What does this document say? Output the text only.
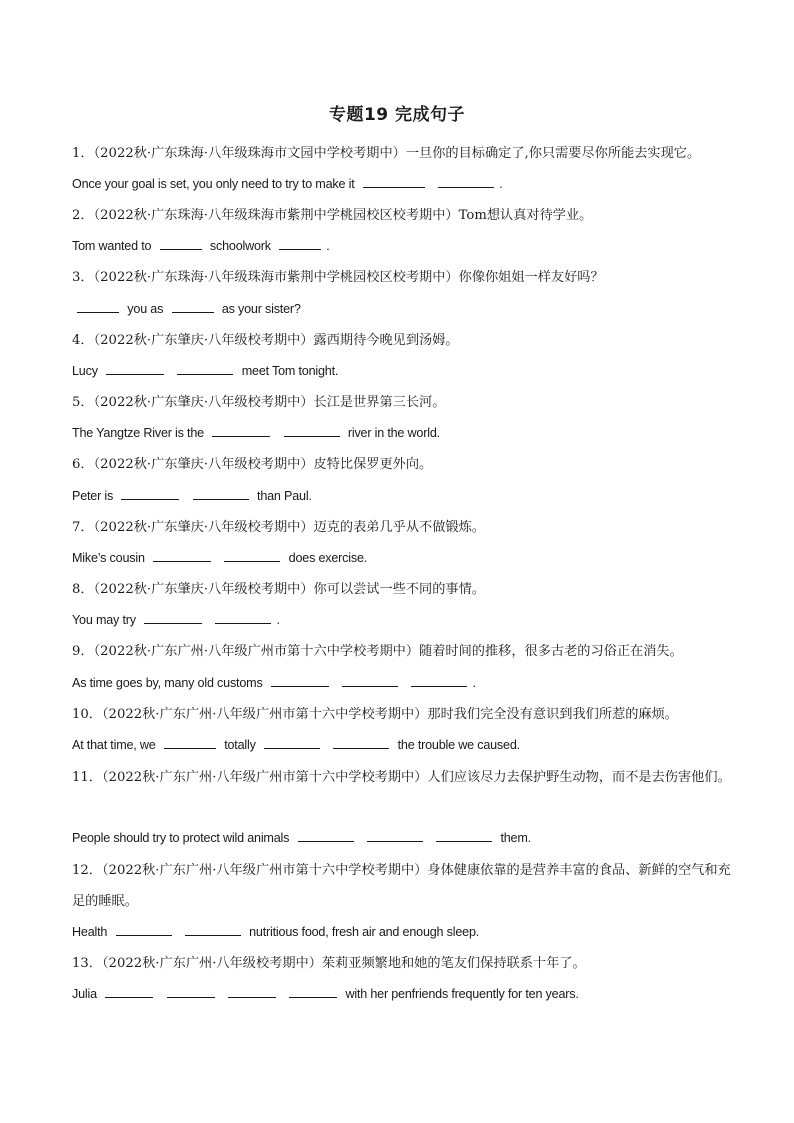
专题19 完成句子
1．（2022秋·广东珠海·八年级珠海市文园中学校考期中）一旦你的目标确定了,你只需要尽你所能去实现它。
Once your goal is set, you only need to try to make it	.
2．（2022秋·广东珠海·八年级珠海市紫荆中学桃园校区校考期中）Tom想认真对待学业。
Tom wanted to	schoolwork	.
3．（2022秋·广东珠海·八年级珠海市紫荆中学桃园校区校考期中）你像你姐姐一样友好吗？
you as	as your sister?
4．（2022秋·广东肇庆·八年级校考期中）露西期待今晚见到汤姆。
Lucy	meet Tom tonight.
5．（2022秋·广东肇庆·八年级校考期中）长江是世界第三长河。
The Yangtze River is the	river in the world.
6．（2022秋·广东肇庆·八年级校考期中）皮特比保罗更外向。
Peter is	than Paul.
7．（2022秋·广东肇庆·八年级校考期中）迈克的表弟几乎从不做锻炼。
Mike’s cousin	does exercise.
8．（2022秋·广东肇庆·八年级校考期中）你可以尝试一些不同的事情。
You may try	.
9．（2022秋·广东广州·八年级广州市第十六中学校考期中）随着时间的推移，很多古老的习俗正在消失。
As time goes by, many old customs	.
10．（2022秋·广东广州·八年级广州市第十六中学校考期中）那时我们完全没有意识到我们所惹的麻烦。
At that time, we	totally	the trouble we caused.
11．（2022秋·广东广州·八年级广州市第十六中学校考期中）人们应该尽力去保护野生动物，而不是去伤害他们。
People should try to protect wild animals	them.
12．（2022秋·广东广州·八年级广州市第十六中学校考期中）身体健康依靠的是营养丰富的食品、新鲜的空气和充足的睡眠。
Health	nutritious food, fresh air and enough sleep.
13．（2022秋·广东广州·八年级校考期中）茱莉亚频繁地和她的笔友们保持联系十年了。
Julia	with her penfriends frequently for ten years.
